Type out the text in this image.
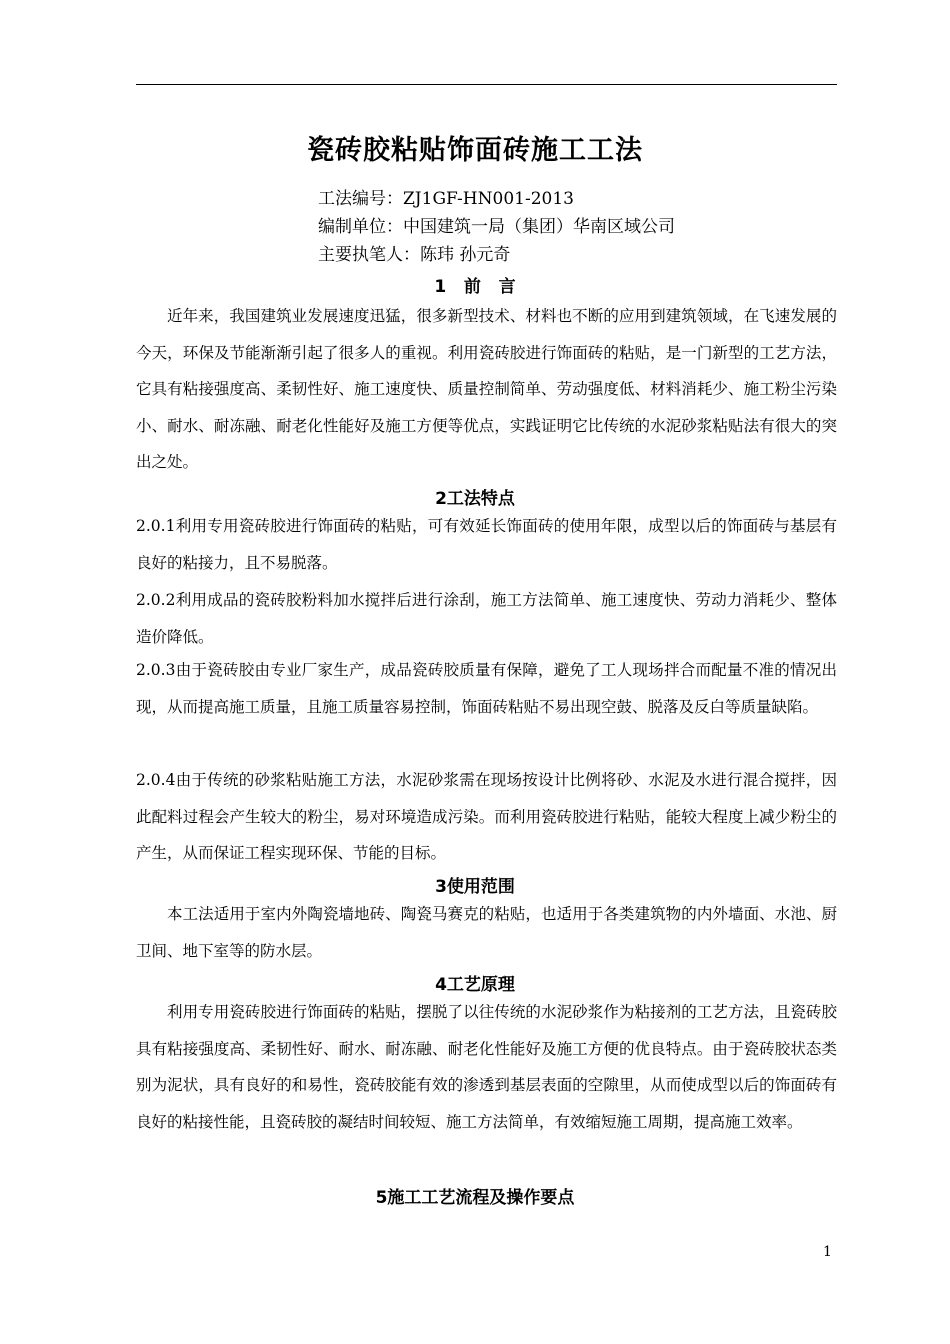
瓷砖胶粘贴饰面砖施工工法
工法编号：ZJ1GF-HN001-2013
编制单位：中国建筑一局（集团）华南区域公司
主要执笔人：陈玮 孙元奇
1   前   言

近年来，我国建筑业发展速度迅猛，很多新型技术、材料也不断的应用到建筑领域，在飞速发展的今天，环保及节能渐渐引起了很多人的重视。利用瓷砖胶进行饰面砖的粘贴，是一门新型的工艺方法，它具有粘接强度高、柔韧性好、施工速度快、质量控制简单、劳动强度低、材料消耗少、施工粉尘污染小、耐水、耐冻融、耐老化性能好及施工方便等优点，实践证明它比传统的水泥砂浆粘贴法有很大的突出之处。

2工法特点

2.0.1利用专用瓷砖胶进行饰面砖的粘贴，可有效延长饰面砖的使用年限，成型以后的饰面砖与基层有良好的粘接力，且不易脱落。

2.0.2利用成品的瓷砖胶粉料加水搅拌后进行涂刮，施工方法简单、施工速度快、劳动力消耗少、整体造价降低。

2.0.3由于瓷砖胶由专业厂家生产，成品瓷砖胶质量有保障，避免了工人现场拌合而配量不准的情况出现，从而提高施工质量，且施工质量容易控制，饰面砖粘贴不易出现空鼓、脱落及反白等质量缺陷。

2.0.4由于传统的砂浆粘贴施工方法，水泥砂浆需在现场按设计比例将砂、水泥及水进行混合搅拌，因此配料过程会产生较大的粉尘，易对环境造成污染。而利用瓷砖胶进行粘贴，能较大程度上减少粉尘的产生，从而保证工程实现环保、节能的目标。

3使用范围

本工法适用于室内外陶瓷墙地砖、陶瓷马赛克的粘贴，也适用于各类建筑物的内外墙面、水池、厨卫间、地下室等的防水层。

4工艺原理

利用专用瓷砖胶进行饰面砖的粘贴，摆脱了以往传统的水泥砂浆作为粘接剂的工艺方法，且瓷砖胶具有粘接强度高、柔韧性好、耐水、耐冻融、耐老化性能好及施工方便的优良特点。由于瓷砖胶状态类别为泥状，具有良好的和易性，瓷砖胶能有效的渗透到基层表面的空隙里，从而使成型以后的饰面砖有良好的粘接性能，且瓷砖胶的凝结时间较短、施工方法简单，有效缩短施工周期，提高施工效率。

5施工工艺流程及操作要点
1
